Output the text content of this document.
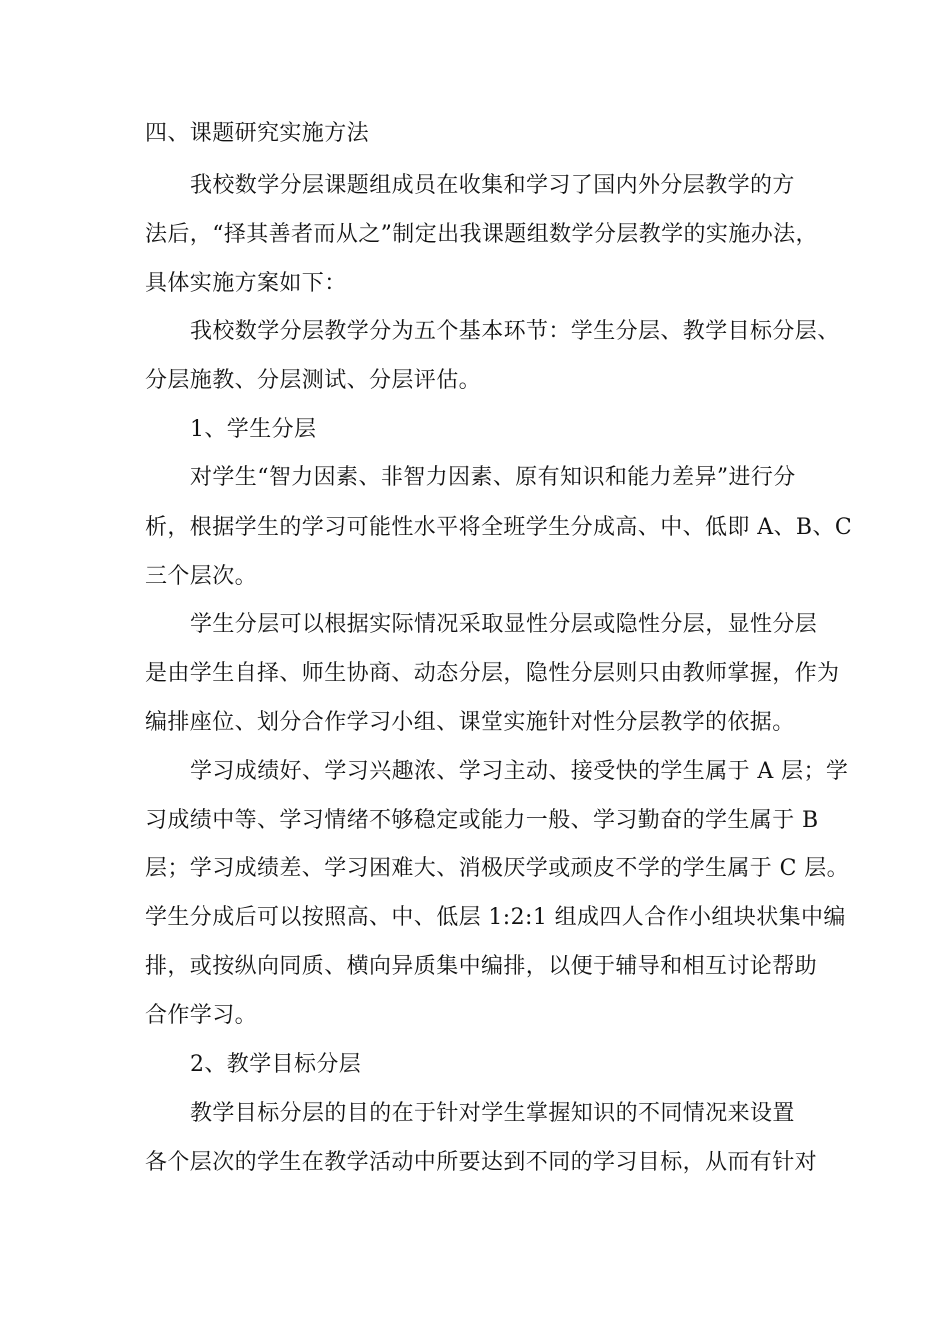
四、课题研究实施方法
我校数学分层课题组成员在收集和学习了国内外分层教学的方
法后，“择其善者而从之”制定出我课题组数学分层教学的实施办法，
具体实施方案如下：
我校数学分层教学分为五个基本环节：学生分层、教学目标分层、
分层施教、分层测试、分层评估。
1、学生分层
对学生“智力因素、非智力因素、原有知识和能力差异”进行分
析，根据学生的学习可能性水平将全班学生分成高、中、低即 A、B、C
三个层次。
学生分层可以根据实际情况采取显性分层或隐性分层，显性分层
是由学生自择、师生协商、动态分层，隐性分层则只由教师掌握，作为
编排座位、划分合作学习小组、课堂实施针对性分层教学的依据。
学习成绩好、学习兴趣浓、学习主动、接受快的学生属于 A 层；学
习成绩中等、学习情绪不够稳定或能力一般、学习勤奋的学生属于 B
层；学习成绩差、学习困难大、消极厌学或顽皮不学的学生属于 C 层。
学生分成后可以按照高、中、低层 1:2:1 组成四人合作小组块状集中编
排，或按纵向同质、横向异质集中编排，以便于辅导和相互讨论帮助
合作学习。
2、教学目标分层
教学目标分层的目的在于针对学生掌握知识的不同情况来设置
各个层次的学生在教学活动中所要达到不同的学习目标，从而有针对
